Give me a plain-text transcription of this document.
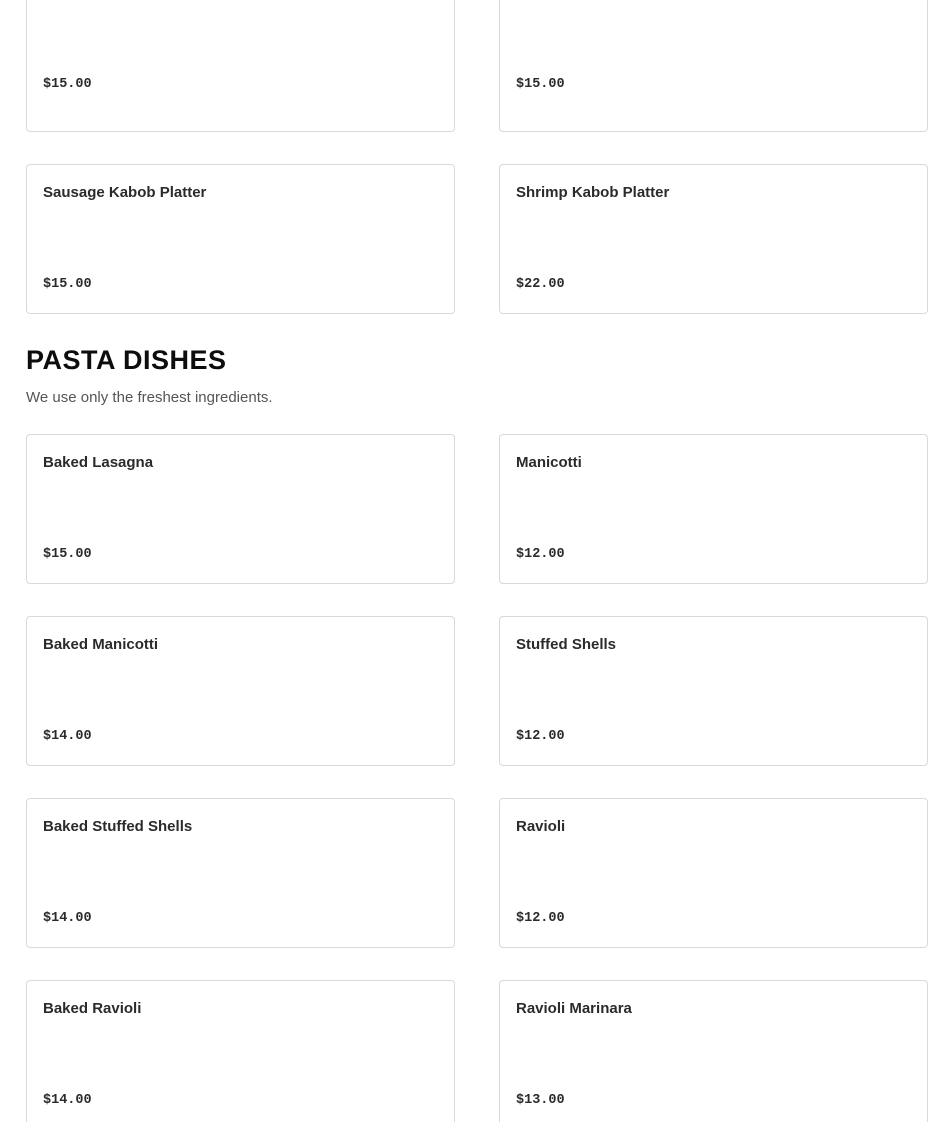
$15.00	$15.00
Sausage Kabob Platter
$15.00
Shrimp Kabob Platter
$22.00
PASTA DISHES

We use only the freshest ingredients.

Baked Lasagna
$15.00
Manicotti
$12.00
Baked Manicotti
$14.00
Stuffed Shells
$12.00
Baked Stuffed Shells
$14.00
Ravioli
$12.00
Baked Ravioli
$14.00
Ravioli Marinara
$13.00
